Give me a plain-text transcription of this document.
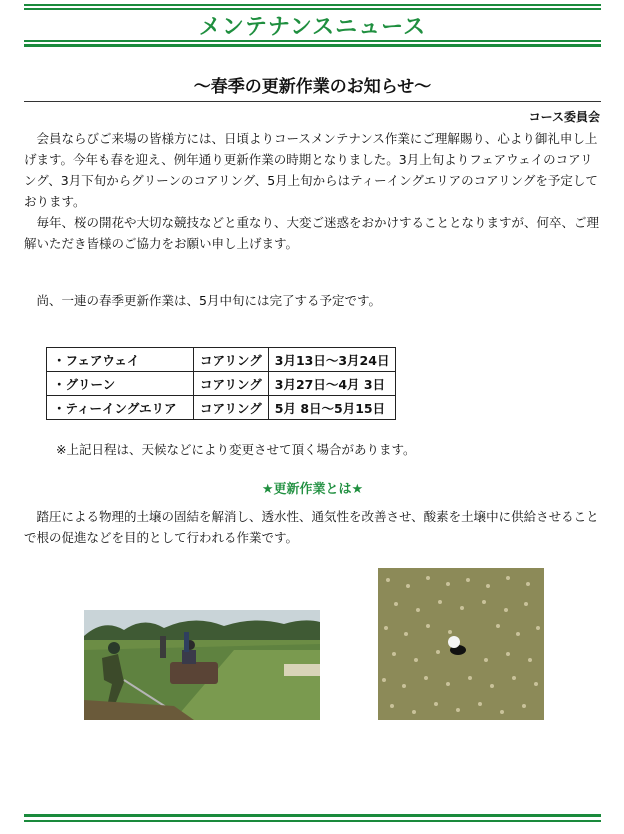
メンテナンスニュース
～春季の更新作業のお知らせ～
コース委員会

会員ならびご来場の皆様方には、日頃よりコースメンテナンス作業にご理解賜り、心より御礼申し上げます。今年も春を迎え、例年通り更新作業の時期となりました。3月上旬よりフェアウェイのコアリング、3月下旬からグリーンのコアリング、5月上旬からはティーイングエリアのコアリングを予定しております。

毎年、桜の開花や大切な競技などと重なり、大変ご迷惑をおかけすることとなりますが、何卒、ご理解いただき皆様のご協力をお願い申し上げます。

尚、一連の春季更新作業は、5月中旬には完了する予定です。

・フェアウェイ	コアリング	3月13日～3月24日
・グリーン	コアリング	3月27日～4月 3日
・ティーイングエリア	コアリング	5月 8日～5月15日
※上記日程は、天候などにより変更させて頂く場合があります。
★更新作業とは★

踏圧による物理的土壌の固結を解消し、透水性、通気性を改善させ、酸素を土壌中に供給させることで根の促進などを目的として行われる作業です。
